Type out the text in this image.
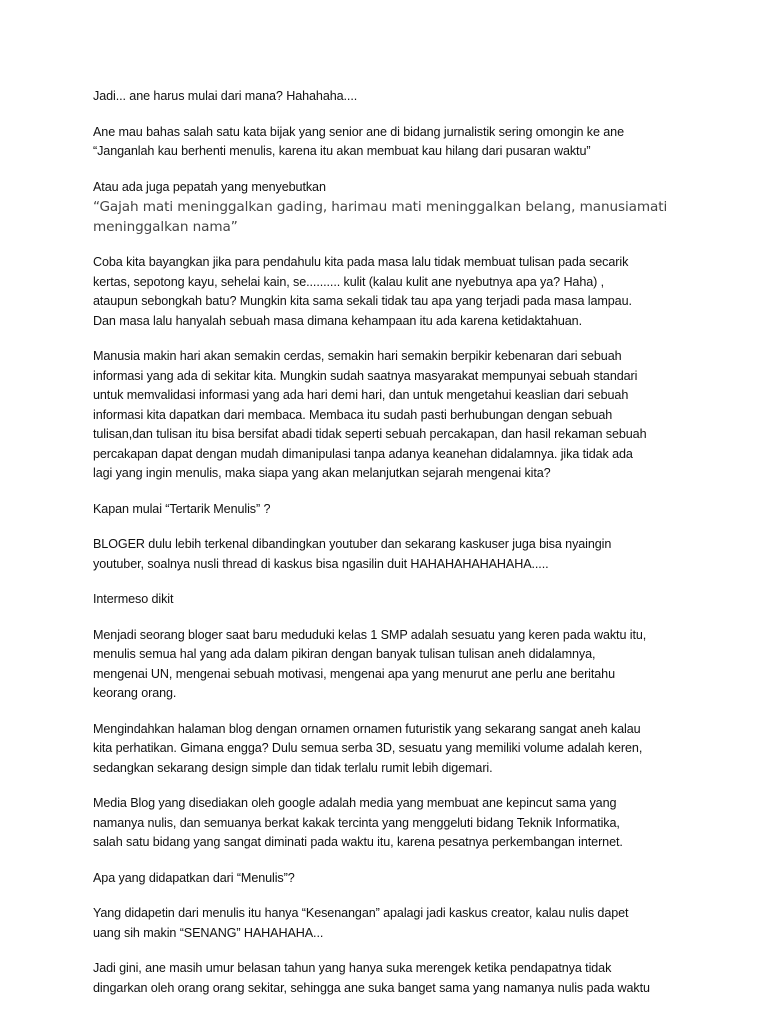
Jadi... ane harus mulai dari mana? Hahahaha....

Ane mau bahas salah satu kata bijak yang senior ane di bidang jurnalistik sering omongin ke ane
“Janganlah kau berhenti menulis, karena itu akan membuat kau hilang dari pusaran waktu”

Atau ada juga pepatah yang menyebutkan

“Gajah mati meninggalkan gading, harimau mati meninggalkan belang, manusiamati
meninggalkan nama”

Coba kita bayangkan jika para pendahulu kita pada masa lalu tidak membuat tulisan pada secarik
kertas, sepotong kayu, sehelai kain, se.......... kulit (kalau kulit ane nyebutnya apa ya? Haha) ,
ataupun sebongkah batu? Mungkin kita sama sekali tidak tau apa yang terjadi pada masa lampau.
Dan masa lalu hanyalah sebuah masa dimana kehampaan itu ada karena ketidaktahuan.

Manusia makin hari akan semakin cerdas, semakin hari semakin berpikir kebenaran dari sebuah
informasi yang ada di sekitar kita. Mungkin sudah saatnya masyarakat mempunyai sebuah standari
untuk memvalidasi informasi yang ada hari demi hari, dan untuk mengetahui keaslian dari sebuah
informasi kita dapatkan dari membaca. Membaca itu sudah pasti berhubungan dengan sebuah
tulisan,dan tulisan itu bisa bersifat abadi tidak seperti sebuah percakapan, dan hasil rekaman sebuah
percakapan dapat dengan mudah dimanipulasi tanpa adanya keanehan didalamnya. jika tidak ada
lagi yang ingin menulis, maka siapa yang akan melanjutkan sejarah mengenai kita?

Kapan mulai “Tertarik Menulis” ?

BLOGER dulu lebih terkenal dibandingkan youtuber dan sekarang kaskuser juga bisa nyaingin
youtuber, soalnya nusli thread di kaskus bisa ngasilin duit HAHAHAHAHAHAHA.....

Intermeso dikit

Menjadi seorang bloger saat baru meduduki kelas 1 SMP adalah sesuatu yang keren pada waktu itu,
menulis semua hal yang ada dalam pikiran dengan banyak tulisan tulisan aneh didalamnya,
mengenai UN, mengenai sebuah motivasi, mengenai apa yang menurut ane perlu ane beritahu
keorang orang.

Mengindahkan halaman blog dengan ornamen ornamen futuristik yang sekarang sangat aneh kalau
kita perhatikan. Gimana engga? Dulu semua serba 3D, sesuatu yang memiliki volume adalah keren,
sedangkan sekarang design simple dan tidak terlalu rumit lebih digemari.

Media Blog yang disediakan oleh google adalah media yang membuat ane kepincut sama yang
namanya nulis, dan semuanya berkat kakak tercinta yang menggeluti bidang Teknik Informatika,
salah satu bidang yang sangat diminati pada waktu itu, karena pesatnya perkembangan internet.

Apa yang didapatkan dari “Menulis”?

Yang didapetin dari menulis itu hanya “Kesenangan” apalagi jadi kaskus creator, kalau nulis dapet
uang sih makin “SENANG” HAHAHAHA...

Jadi gini, ane masih umur belasan tahun yang hanya suka merengek ketika pendapatnya tidak
dingarkan oleh orang orang sekitar, sehingga ane suka banget sama yang namanya nulis pada waktu
